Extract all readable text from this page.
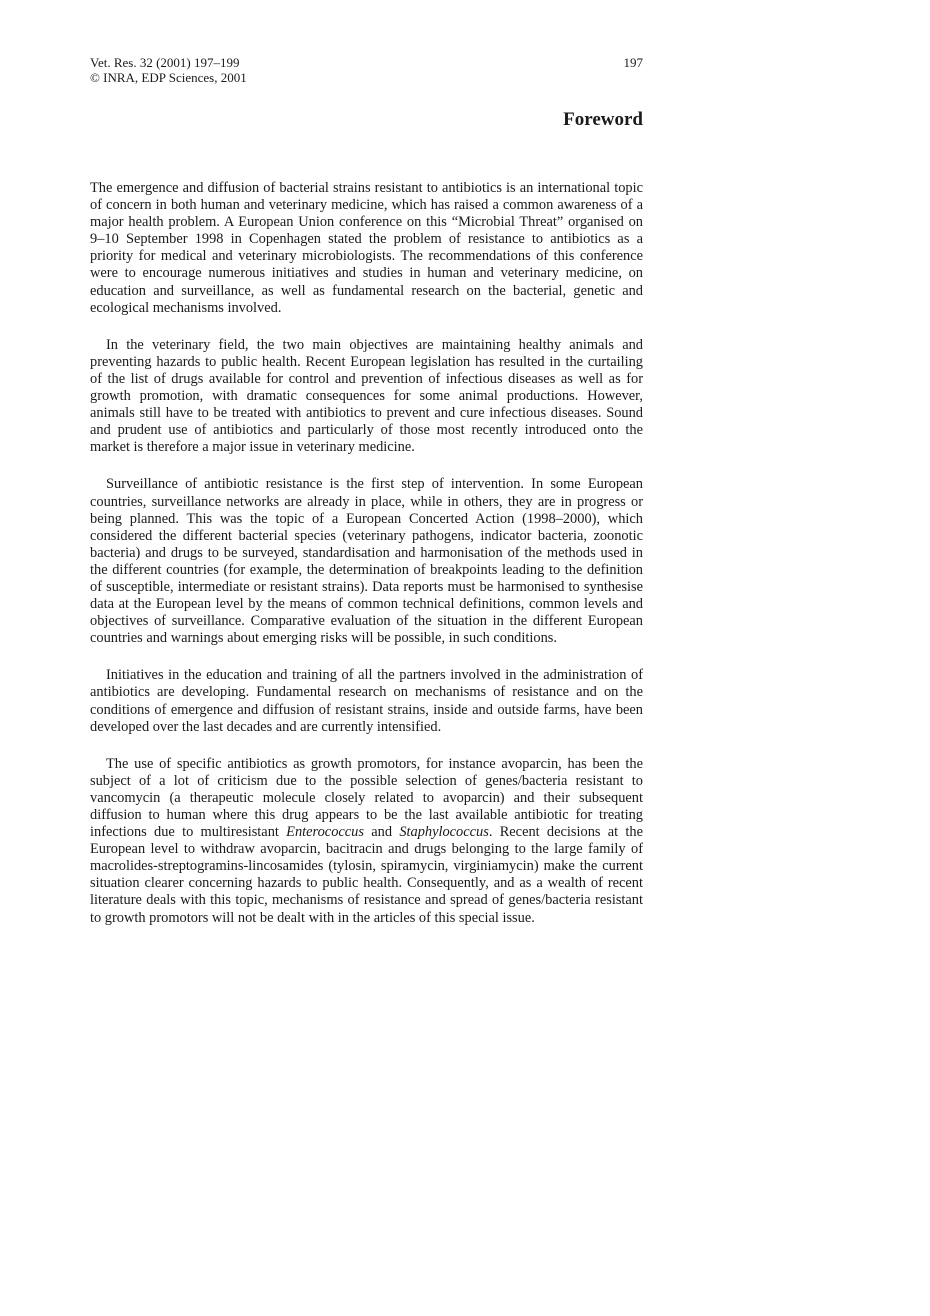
Vet. Res. 32 (2001) 197–199
© INRA, EDP Sciences, 2001
197
Foreword

The emergence and diffusion of bacterial strains resistant to antibiotics is an international topic of concern in both human and veterinary medicine, which has raised a common awareness of a major health problem. A European Union conference on this “Microbial Threat” organised on 9–10 September 1998 in Copenhagen stated the problem of resistance to antibiotics as a priority for medical and veterinary microbiologists. The recommendations of this conference were to encourage numerous initiatives and studies in human and veterinary medicine, on education and surveillance, as well as fundamental research on the bacterial, genetic and ecological mechanisms involved.

In the veterinary field, the two main objectives are maintaining healthy animals and preventing hazards to public health. Recent European legislation has resulted in the curtailing of the list of drugs available for control and prevention of infectious diseases as well as for growth promotion, with dramatic consequences for some animal productions. However, animals still have to be treated with antibiotics to prevent and cure infectious diseases. Sound and prudent use of antibiotics and particularly of those most recently introduced onto the market is therefore a major issue in veterinary medicine.

Surveillance of antibiotic resistance is the first step of intervention. In some European countries, surveillance networks are already in place, while in others, they are in progress or being planned. This was the topic of a European Concerted Action (1998–2000), which considered the different bacterial species (veterinary pathogens, indicator bacteria, zoonotic bacteria) and drugs to be surveyed, standardisation and harmonisation of the methods used in the different countries (for example, the determination of breakpoints leading to the definition of susceptible, intermediate or resistant strains). Data reports must be harmonised to synthesise data at the European level by the means of common technical definitions, common levels and objectives of surveillance. Comparative evaluation of the situation in the different European countries and warnings about emerging risks will be possible, in such conditions.

Initiatives in the education and training of all the partners involved in the administration of antibiotics are developing. Fundamental research on mechanisms of resistance and on the conditions of emergence and diffusion of resistant strains, inside and outside farms, have been developed over the last decades and are currently intensified.

The use of specific antibiotics as growth promotors, for instance avoparcin, has been the subject of a lot of criticism due to the possible selection of genes/bacteria resistant to vancomycin (a therapeutic molecule closely related to avoparcin) and their subsequent diffusion to human where this drug appears to be the last available antibiotic for treating infections due to multiresistant Enterococcus and Staphylococcus. Recent decisions at the European level to withdraw avoparcin, bacitracin and drugs belonging to the large family of macrolides-streptogramins-lincosamides (tylosin, spiramycin, virginiamycin) make the current situation clearer concerning hazards to public health. Consequently, and as a wealth of recent literature deals with this topic, mechanisms of resistance and spread of genes/bacteria resistant to growth promotors will not be dealt with in the articles of this special issue.
